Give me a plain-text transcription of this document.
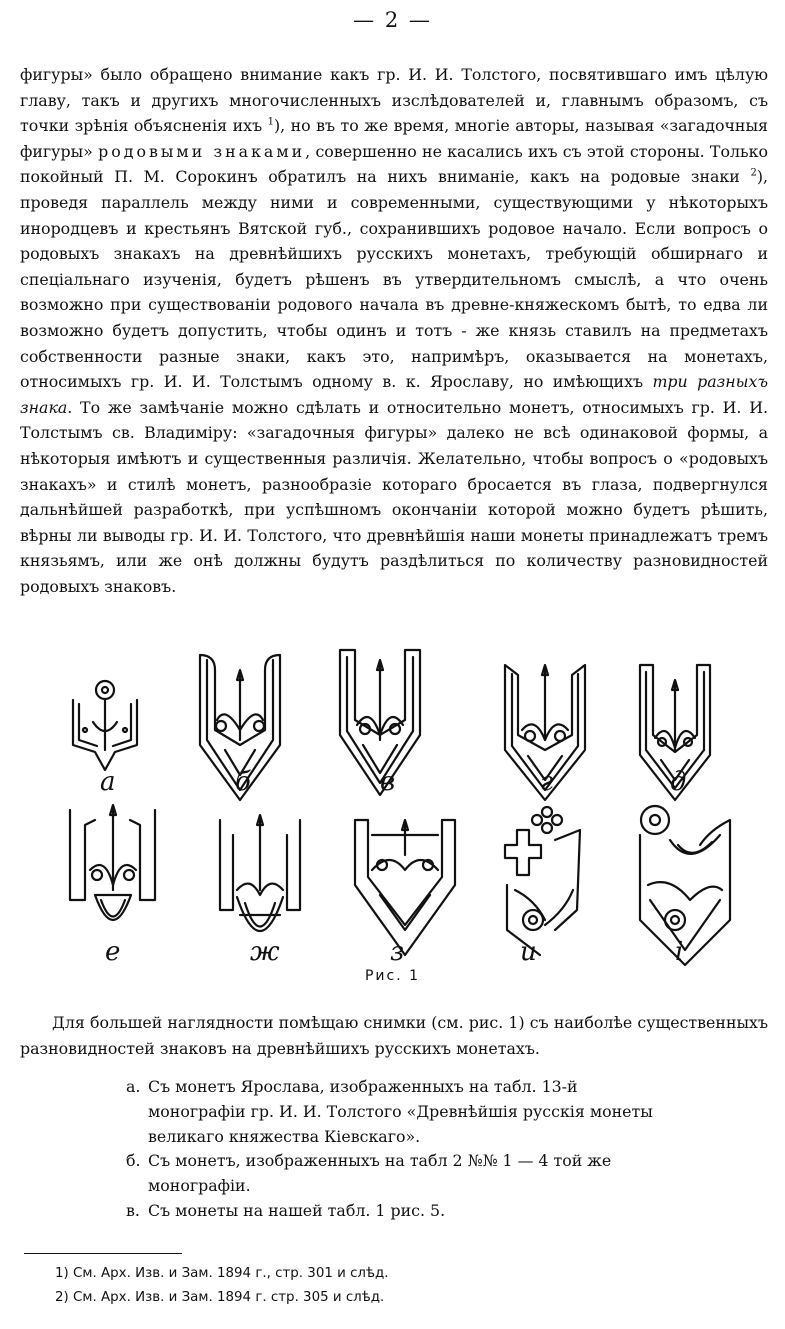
— 2 —

фигуры» было обращено внимание какъ гр. И. И. Толстого, посвятившаго имъ цѣлую главу, такъ и другихъ многочисленныхъ изслѣдователей и, главнымъ образомъ, съ точки зрѣнія объясненія ихъ $^1$), но въ то же время, многіе авторы, называя «загадочныя фигуры» родовыми знаками, совершенно не касались ихъ съ этой стороны. Только покойный П. М. Сорокинъ обратилъ на нихъ вниманіе, какъ на родовые знаки $^2$), проведя параллель между ними и современными, существующими у нѣкоторыхъ инородцевъ и крестьянъ Вятской губ., сохранившихъ родовое начало. Если вопросъ о родовыхъ знакахъ на древнѣйшихъ русскихъ монетахъ, требующій обширнаго и спеціальнаго изученія, будетъ рѣшенъ въ утвердительномъ смыслѣ, а что очень возможно при существованіи родового начала въ древне-княжескомъ бытѣ, то едва ли возможно будетъ допустить, чтобы одинъ и тотъ - же князь ставилъ на предметахъ собственности разные знаки, какъ это, напримѣръ, оказывается на монетахъ, относимыхъ гр. И. И. Толстымъ одному в. к. Ярославу, но имѣющихъ три разныхъ знака. То же замѣчаніе можно сдѣлать и относительно монетъ, относимыхъ гр. И. И. Толстымъ св. Владиміру: «загадочныя фигуры» далеко не всѣ одинаковой формы, а нѣкоторыя имѣютъ и существенныя различія. Желательно, чтобы вопросъ о «родовыхъ знакахъ» и стилѣ монетъ, разнообразіе котораго бросается въ глаза, подвергнулся дальнѣйшей разработкѣ, при успѣшномъ окончаніи которой можно будетъ рѣшить, вѣрны ли выводы гр. И. И. Толстого, что древнѣйшія наши монеты принадлежатъ тремъ князьямъ, или же онѣ должны будутъ раздѣлиться по количеству разновидностей родовыхъ знаковъ.

а	б	в	г	д
е	ж	з	и	і
Рис. 1

Для большей наглядности помѣщаю снимки (см. рис. 1) съ наиболѣе существенныхъ разновидностей знаковъ на древнѣйшихъ русскихъ монетахъ.

а. Съ монетъ Ярослава, изображенныхъ на табл. 13-й монографіи гр. И. И. Толстого «Древнѣйшія русскія монеты великаго княжества Кіевскаго».
б. Съ монетъ, изображенныхъ на табл 2 №№ 1 — 4 той же монографіи.
в. Съ монеты на нашей табл. 1 рис. 5.
1) См. Арх. Изв. и Зам. 1894 г., стр. 301 и слѣд.
2) См. Арх. Изв. и Зам. 1894 г. стр. 305 и слѣд.
